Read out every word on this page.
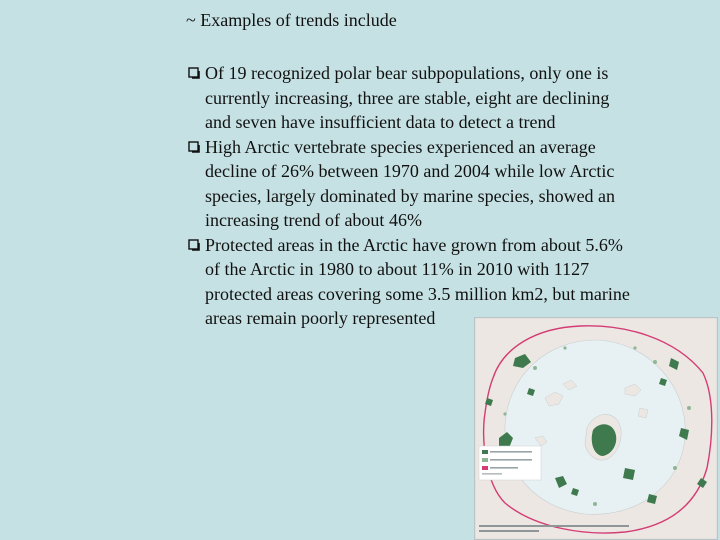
~ Examples of trends include
Of 19 recognized polar bear subpopulations, only one is
currently increasing, three are stable, eight are declining
and seven have insufficient data to detect a trend
High Arctic vertebrate species experienced an average
decline of 26% between 1970 and 2004 while low Arctic
species, largely dominated by marine species, showed an
increasing trend of about 46%
Protected areas in the Arctic have grown from about 5.6%
of the Arctic in 1980 to about 11% in 2010 with 1127
protected areas covering some 3.5 million km2, but marine
areas remain poorly represented
